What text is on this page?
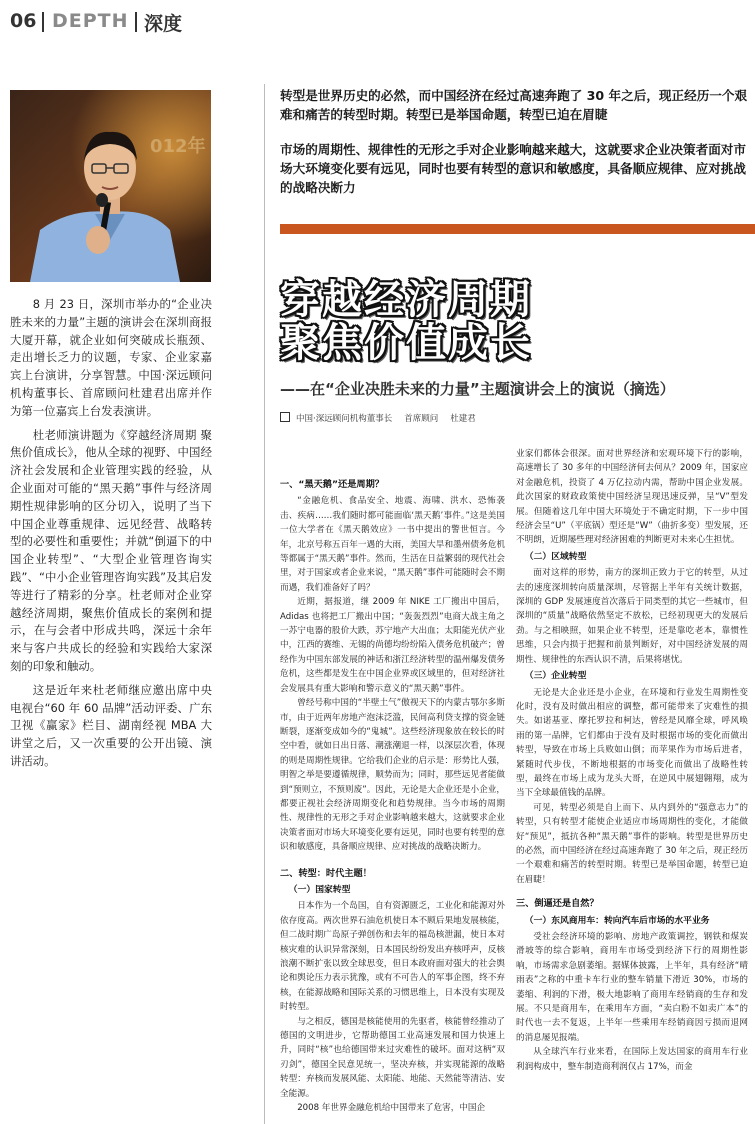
06 DEPTH 深度
012年

8 月 23 日，深圳市举办的“企业决胜未来的力量”主题的演讲会在深圳商报大厦开幕，就企业如何突破成长瓶颈、走出增长乏力的议题，专家、企业家嘉宾上台演讲，分享智慧。中国·深远顾问机构董事长、首席顾问杜建君出席并作为第一位嘉宾上台发表演讲。

杜老师演讲题为《穿越经济周期 聚焦价值成长》，他从全球的视野、中国经济社会发展和企业管理实践的经验，从企业面对可能的“黑天鹅”事件与经济周期性规律影响的区分切入，说明了当下中国企业尊重规律、远见经营、战略转型的必要性和重要性；并就“倒逼下的中国企业转型”、“大型企业管理咨询实践”、“中小企业管理咨询实践”及其启发等进行了精彩的分享。杜老师对企业穿越经济周期，聚焦价值成长的案例和提示，在与会者中形成共鸣，深远十余年来与客户共成长的经验和实践给大家深刻的印象和触动。

这是近年来杜老师继应邀出席中央电视台“60 年 60 品牌”活动评委、广东卫视《赢家》栏目、湖南经视 MBA 大讲堂之后，又一次重要的公开出镜、演讲活动。

转型是世界历史的必然，而中国经济在经过高速奔跑了 30 年之后，现正经历一个艰难和痛苦的转型时期。转型已是举国命题，转型已迫在眉睫
市场的周期性、规律性的无形之手对企业影响越来越大，这就要求企业决策者面对市场大环境变化要有远见，同时也要有转型的意识和敏感度，具备顺应规律、应对挑战的战略决断力
穿越经济周期
聚焦价值成长
——在“企业决胜未来的力量”主题演讲会上的演说（摘选）
中国·深远顾问机构董事长 首席顾问 杜建君
一、“黑天鹅”还是周期？

“金融危机、食品安全、地震、海啸、洪水、恐怖袭击、疾病……我们随时都可能面临‘黑天鹅’事件。”这是美国一位大学者在《黑天鹅效应》一书中提出的警世恒言。今年，北京号称五百年一遇的大雨，美国大旱和墨州债务危机等都属于“黑天鹅”事件。然而，生活在日益繁弱的现代社会里，对于国家或者企业来说，“黑天鹅”事件可能随时会不期而遇，我们准备好了吗？

近期，据报道，继 2009 年 NIKE 工厂搬出中国后，Adidas 也将把工厂搬出中国；“轰轰烈烈”电商大战主角之一苏宁电器的股价大跌，苏宁地产大出血；太阳能光伏产业中，江西的赛维、无锡的尚德均纷纷陷入债务危机破产；曾经作为中国东部发展的神话和浙江经济转型的温州爆发债务危机，这些都是发生在中国企业界或区域里的，但对经济社会发展具有重大影响和警示意义的“黑天鹅”事件。

曾经号称中国的“半壁土气”傲视天下的内蒙古鄂尔多斯市，由于近两年房地产泡沫泛滥，民间高利贷支撑的资金链断裂，逐渐变成如今的“鬼城”。这些经济现象放在较长的时空中看，就如日出日落、潮涨潮退一样，以深层次看，体现的则是周期性规律。它给我们企业的启示是：形势比人强，明智之举是要遵循规律，顺势而为；同时，那些远见者能做到“预则立，不预则废”。因此，无论是大企业还是小企业，都要正视社会经济周期变化和趋势规律。当今市场的周期性、规律性的无形之手对企业影响越来越大，这就要求企业决策者面对市场大环境变化要有远见，同时也要有转型的意识和敏感度，具备顺应规律、应对挑战的战略决断力。

二、转型：时代主题！
（一）国家转型

日本作为一个岛国，自有资源匮乏，工业化和能源对外依存度高。两次世界石油危机使日本不顾后果地发展核能，但二战时期广岛原子弹创伤和去年的福岛核泄漏，使日本对核灾难的认识异常深刻，日本国民纷纷发出弃核呼声，反核浪潮不断扩张以致全球思变，但日本政府面对强大的社会舆论和舆论压力表示犹豫，或有不可告人的军事企图，终不弃核，在能源战略和国际关系的习惯思维上，日本没有实现及时转型。

与之相反，德国是核能使用的先驱者，核能曾经推动了德国的文明进步，它帮助德国工业高速发展和国力快速上升，同时“核”也给德国带来过灾难性的破坏。面对这柄“双刃剑”，德国全民意见统一，坚决弃核，并实现能源的战略转型：弃核而发展风能、太阳能、地能、天然能等清洁、安全能源。

2008 年世界金融危机给中国带来了危害，中国企

业家们都体会很深。面对世界经济和宏观环境下行的影响，高速增长了 30 多年的中国经济何去何从？2009 年，国家应对金融危机，投资了 4 万亿拉动内需，帮助中国企业发展。此次国家的财政政策使中国经济呈现迅速反弹，呈“V”型发展。但随着这几年中国大环境处于不确定时期，下一步中国经济会呈“U”（平底锅）型还是“W”（曲折多变）型发展，还不明朗，近期屡些理对经济困难的判断更对未来心生担忧。

（二）区域转型

面对这样的形势，南方的深圳正致力于它的转型，从过去的速度深圳转向质量深圳，尽管据上半年有关统计数据，深圳的 GDP 发展速度首次落后于同类型的其它一些城市，但深圳的“质量”战略依然坚定不放松，已经初现更大的发展后劲。与之相映照，如果企业不转型，还是靠吃老本，靠惯性思维，只会内损于把握和前景判断好，对中国经济发展的周期性、规律性的东西认识不清，后果将堪忧。

（三）企业转型

无论是大企业还是小企业，在环境和行业发生周期性变化时，没有及时做出相应的调整，都可能带来了灾难性的损失。如诺基亚、摩托罗拉和柯达，曾经是风靡全球，呼风唤雨的第一品牌，它们都由于没有及时根据市场的变化而做出转型，导致在市场上兵败如山倒；而苹果作为市场后进者，紧随时代步伐，不断地根据的市场变化而做出了战略性转型，最终在市场上成为龙头大哥，在逆风中展翅翱翔，成为当下全球最值钱的品牌。

可见，转型必须是自上而下、从内到外的“强意志力”的转型，只有转型才能使企业适应市场周期性的变化，才能做好“预见”，抵抗各种“黑天鹅”事件的影响。转型是世界历史的必然，而中国经济在经过高速奔跑了 30 年之后，现正经历一个艰难和痛苦的转型时期。转型已是举国命题，转型已迫在眉睫！

三、倒逼还是自然？
（一）东风商用车：转向汽车后市场的水平业务

受社会经济环境的影响、房地产政策调控，钢铁和煤炭滑坡等的综合影响，商用车市场受到经济下行的周期性影响，市场需求急剧萎缩。据媒体披露，上半年，具有经济“晴雨表”之称的中重卡车行业的整车销量下滑近 30%，市场的萎缩、利润的下滑，极大地影响了商用车经销商的生存和发展。不只是商用车，在乘用车方面，“卖白粉不如卖广本”的时代也一去不复返，上半年一些乘用车经销商因亏损而退网的消息屡见报端。

从全球汽车行业来看，在国际上发达国家的商用车行业利润构成中，整车制造商利润仅占 17%，而金
